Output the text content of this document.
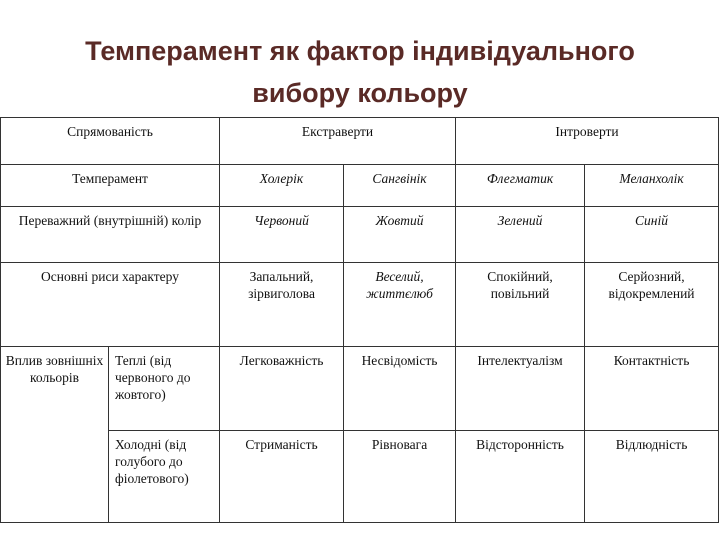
Темперамент як фактор індивідуального
вибору кольору
Спрямованість		Екстраверти		Інтроверти	
Темперамент		Холерік	Сангвінік	Флегматик	Меланхолік
Переважний (внутрішній) колір		Червоний	Жовтий	Зелений	Синій
Основні риси характеру		Запальний, зірвиголова	Веселий, життєлюб	Спокійний, повільний	Серйозний, відокремлений
Вплив зовнішніх кольорів	Теплі (від червоного до жовтого)	Легковажність	Несвідомість	Інтелектуалізм	Контактність
	Холодні (від голубого до фіолетового)	Стриманість	Рівновага	Відсторонність	Відлюдність
